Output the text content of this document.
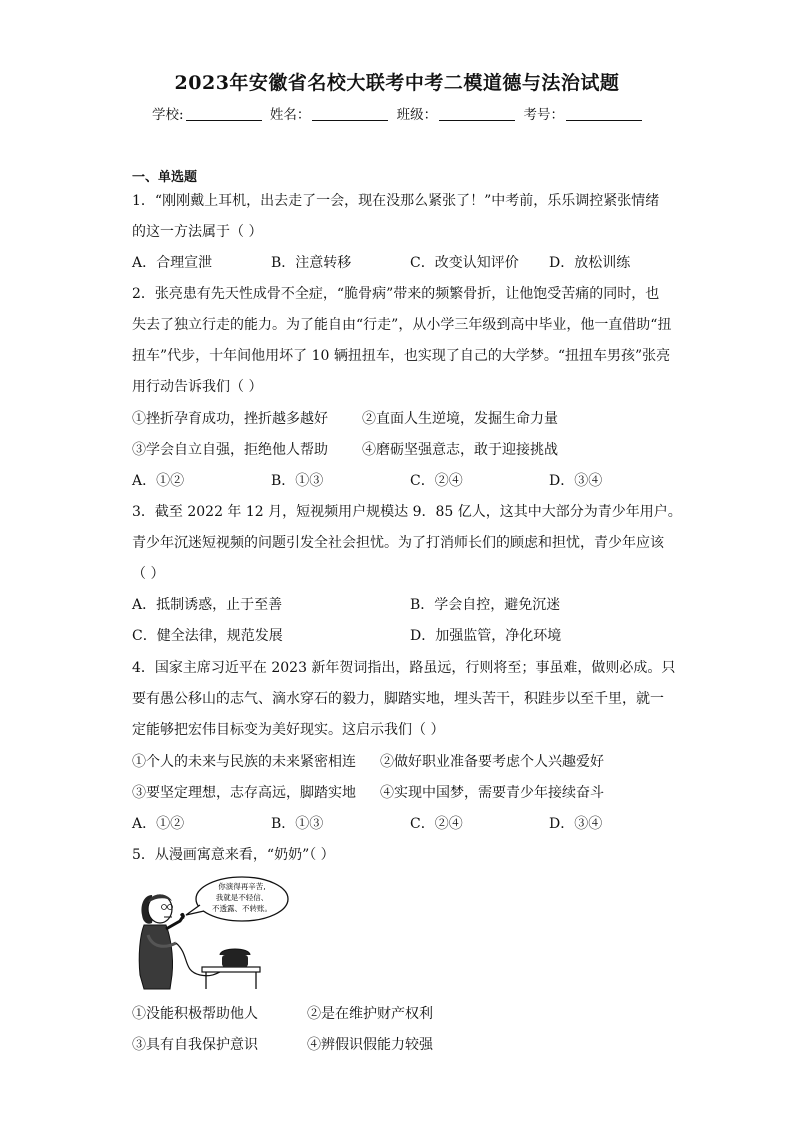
2023年安徽省名校大联考中考二模道德与法治试题
学校:	姓名：	班级：	考号：
一、单选题
1．“刚刚戴上耳机，出去走了一会，现在没那么紧张了！”中考前，乐乐调控紧张情绪
的这一方法属于（ ）
A．合理宣泄	B．注意转移	C．改变认知评价 D．放松训练
2．张亮患有先天性成骨不全症，“脆骨病”带来的频繁骨折，让他饱受苦痛的同时，也
失去了独立行走的能力。为了能自由“行走”，从小学三年级到高中毕业，他一直借助“扭
扭车”代步，十年间他用坏了 10 辆扭扭车，也实现了自己的大学梦。“扭扭车男孩”张亮
用行动告诉我们（ ）
①挫折孕育成功，挫折越多越好 ②直面人生逆境，发掘生命力量
③学会自立自强，拒绝他人帮助 ④磨砺坚强意志，敢于迎接挑战
A．①②	B．①③	C．②④	D．③④
3．截至 2022 年 12 月，短视频用户规模达 9．85 亿人，这其中大部分为青少年用户。
青少年沉迷短视频的问题引发全社会担忧。为了打消师长们的顾虑和担忧，青少年应该
（ ）
A．抵制诱惑，止于至善	B．学会自控，避免沉迷
C．健全法律，规范发展	D．加强监管，净化环境
4．国家主席习近平在 2023 新年贺词指出，路虽远，行则将至；事虽难，做则必成。只
要有愚公移山的志气、滴水穿石的毅力，脚踏实地，埋头苦干，积跬步以至千里，就一
定能够把宏伟目标变为美好现实。这启示我们（ ）
①个人的未来与民族的未来紧密相连 ②做好职业准备要考虑个人兴趣爱好
③要坚定理想，志存高远，脚踏实地 ④实现中国梦，需要青少年接续奋斗
A．①②	B．①③	C．②④	D．③④
5．从漫画寓意来看，“奶奶”（ ）
你演得再辛苦,
我就是不轻信、
不透露、不转账。
①没能积极帮助他人	②是在维护财产权利
③具有自我保护意识	④辨假识假能力较强
